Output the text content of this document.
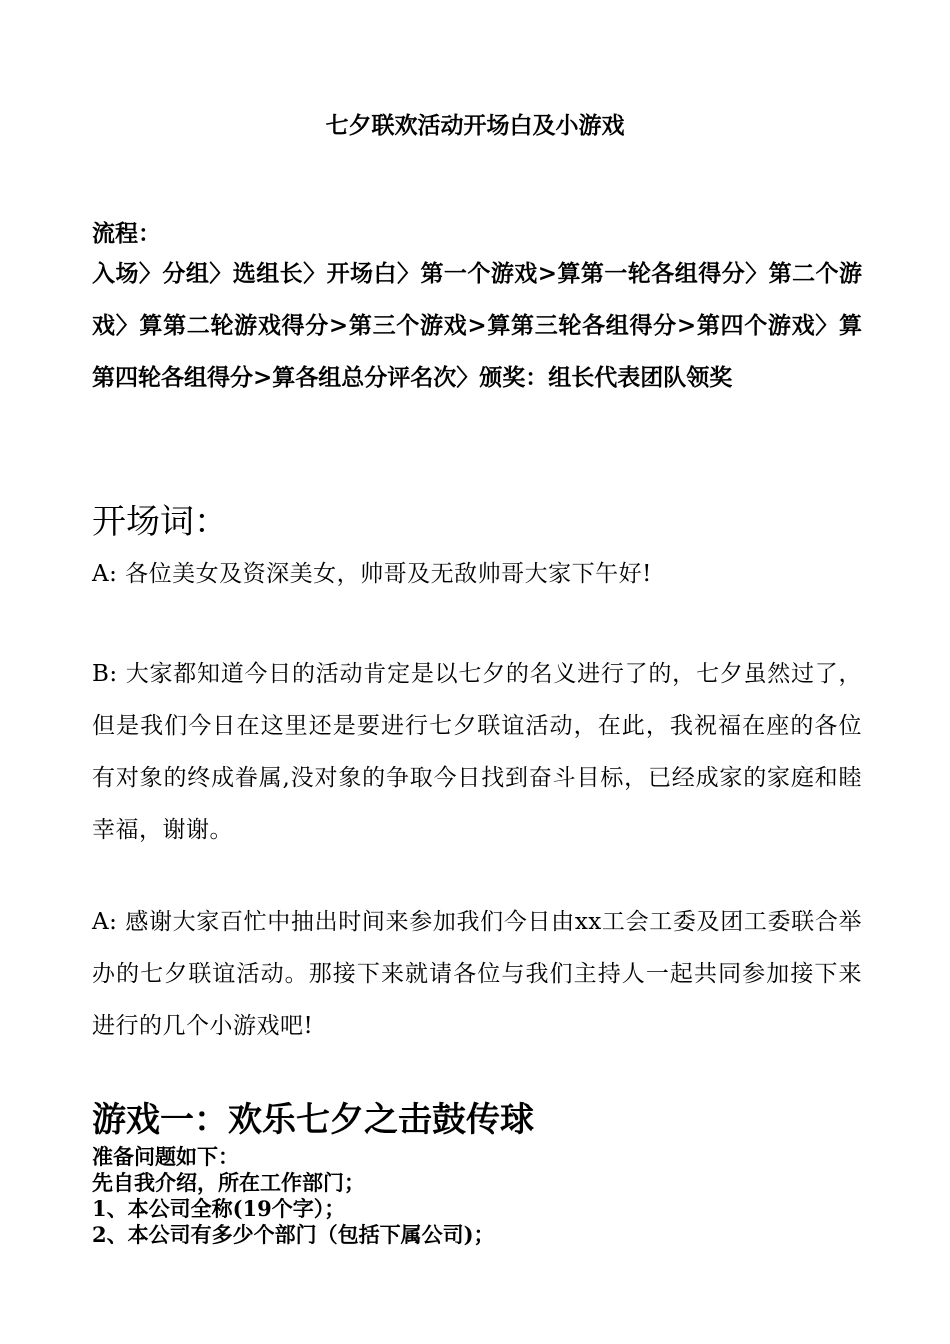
七夕联欢活动开场白及小游戏

流程：

入场〉分组〉选组长〉开场白〉第一个游戏>算第一轮各组得分〉第二个游戏〉算第二轮游戏得分>第三个游戏>算第三轮各组得分>第四个游戏〉算第四轮各组得分>算各组总分评名次〉颁奖：组长代表团队领奖

开场词：

A: 各位美女及资深美女，帅哥及无敌帅哥大家下午好!

B: 大家都知道今日的活动肯定是以七夕的名义进行了的，七夕虽然过了，但是我们今日在这里还是要进行七夕联谊活动，在此，我祝福在座的各位有对象的终成眷属,没对象的争取今日找到奋斗目标，已经成家的家庭和睦幸福，谢谢。

A: 感谢大家百忙中抽出时间来参加我们今日由xx工会工委及团工委联合举办的七夕联谊活动。那接下来就请各位与我们主持人一起共同参加接下来进行的几个小游戏吧!

游戏一：欢乐七夕之击鼓传球

准备问题如下：

先自我介绍，所在工作部门；

1、本公司全称(19个字）；

2、本公司有多少个部门（包括下属公司)；
